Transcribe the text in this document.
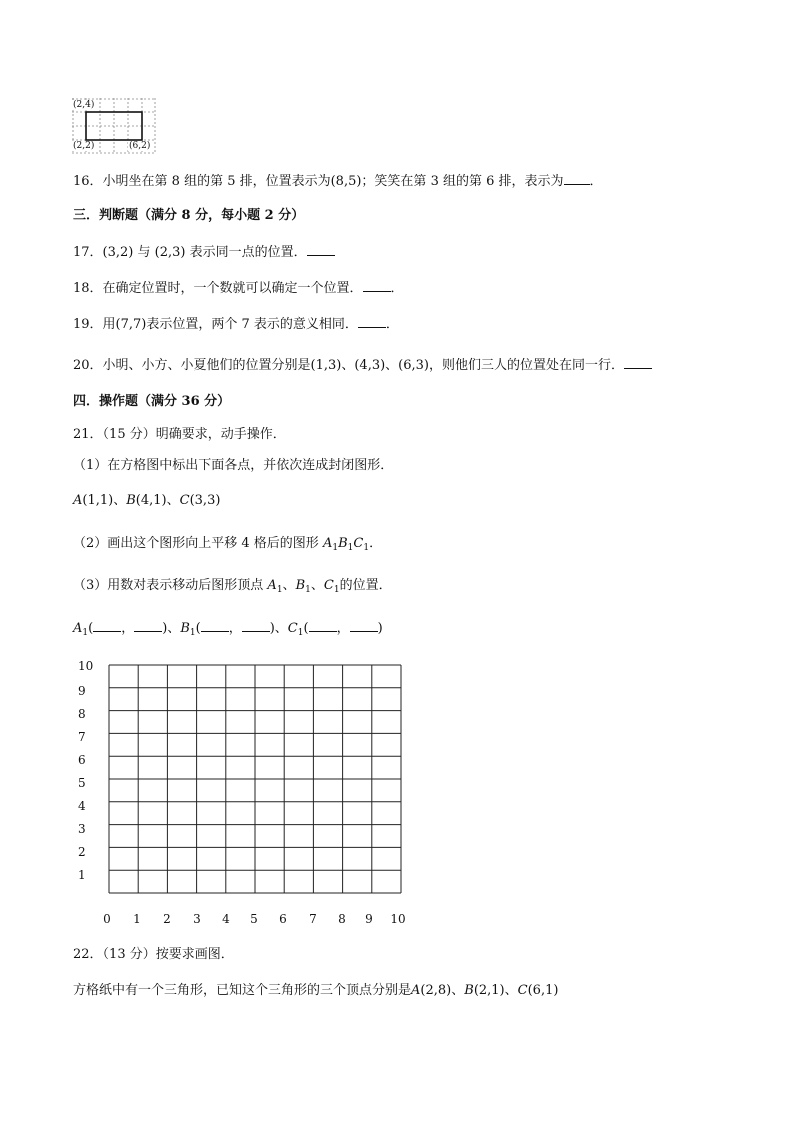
(2,4)
(2,2)	(6,2)
16．小明坐在第 8 组的第 5 排，位置表示为(8,5)；笑笑在第 3 组的第 6 排，表示为 ．
三．判断题（满分 8 分，每小题 2 分）
17．(3,2) 与 (2,3) 表示同一点的位置．
18．在确定位置时，一个数就可以确定一个位置． ．
19．用(7,7)表示位置，两个 7 表示的意义相同． ．
20．小明、小方、小夏他们的位置分别是(1,3)、(4,3)、(6,3)，则他们三人的位置处在同一行．
四．操作题（满分 36 分）
21．（15 分）明确要求，动手操作．
（1）在方格图中标出下面各点，并依次连成封闭图形．
A(1,1)、B(4,1)、C(3,3)
（2）画出这个图形向上平移 4 格后的图形 $A_1B_1C_1$．
（3）用数对表示移动后图形顶点 $A_1$、$B_1$、$C_1$的位置．
$A_1$( ， )、$B_1$( ， )、$C_1$( ， )
10
9
8
7
6
5
4
3
2
1
0	1	2	3	4	5	6	7	8	9	10
22．（13 分）按要求画图．
方格纸中有一个三角形，已知这个三角形的三个顶点分别是A(2,8)、B(2,1)、C(6,1)
